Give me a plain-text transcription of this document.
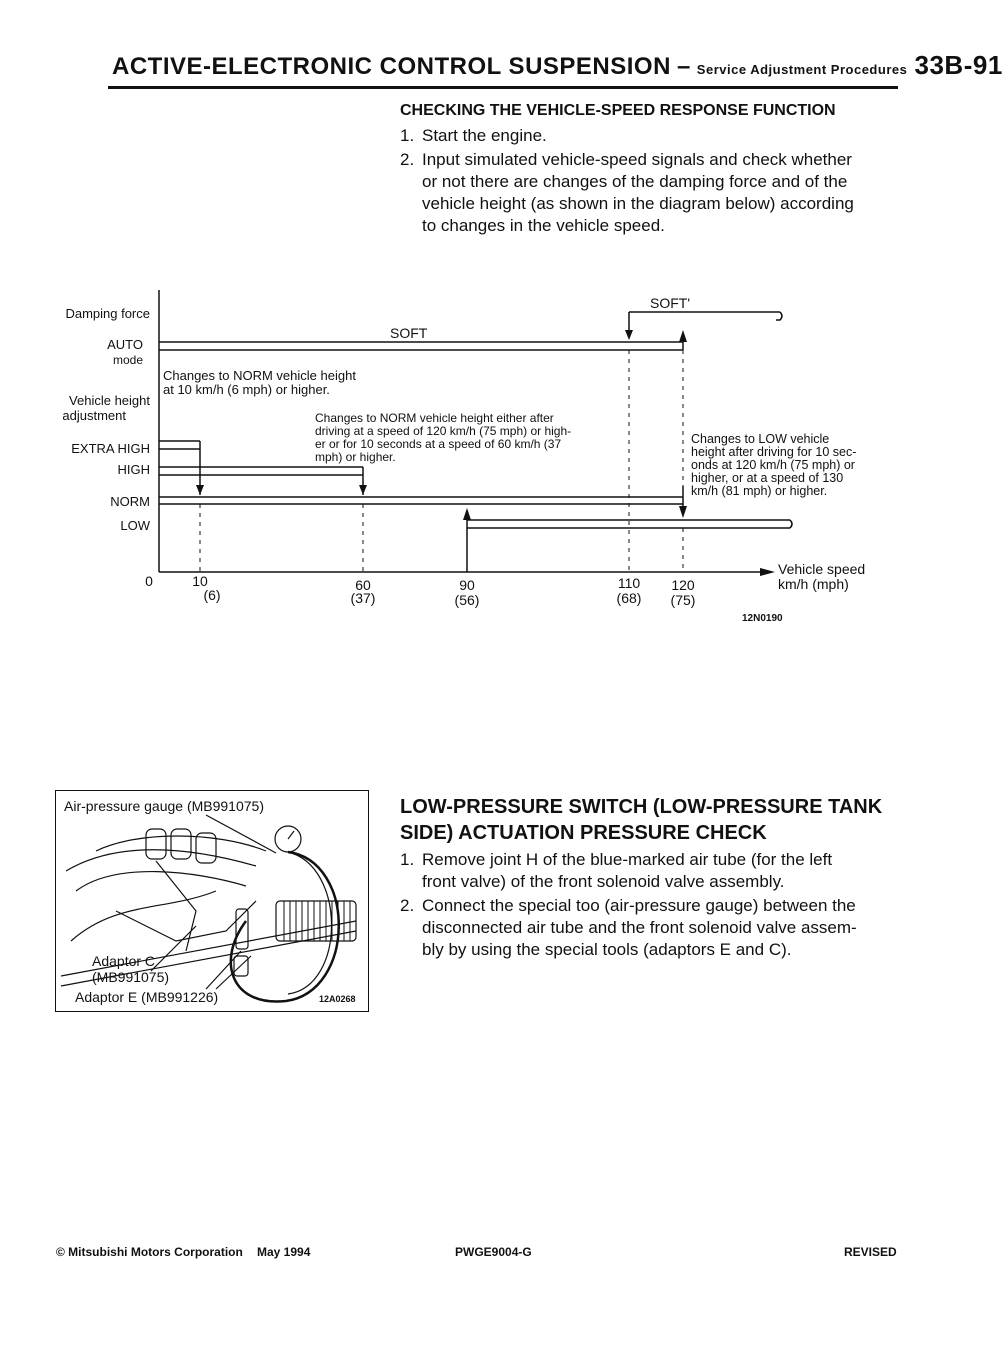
ACTIVE-ELECTRONIC CONTROL SUSPENSION – Service Adjustment Procedures 33B-91
CHECKING THE VEHICLE-SPEED RESPONSE FUNCTION
1. Start the engine.
2. Input simulated vehicle-speed signals and check whether
or not there are changes of the damping force and of the
vehicle height (as shown in the diagram below) according
to changes in the vehicle speed.
Damping force
AUTO
mode
Vehicle height
adjustment
EXTRA HIGH
HIGH
NORM
LOW
SOFT
SOFT'
Changes to NORM vehicle height
at 10 km/h (6 mph) or higher.
Changes to NORM vehicle height either after
driving at a speed of 120 km/h (75 mph) or high-
er or for 10 seconds at a speed of 60 km/h (37
mph) or higher.
Changes to LOW vehicle
height after driving for 10 sec-
onds at 120 km/h (75 mph) or
higher, or at a speed of 130
km/h (81 mph) or higher.
0	10
(6)
60
(37)
90
(56)
110
(68)
120
(75)
Vehicle speed
km/h (mph)
12N0190
Air-pressure gauge (MB991075)
Adaptor C
(MB991075)
Adaptor E (MB991226)	12A0268
LOW-PRESSURE SWITCH (LOW-PRESSURE TANK
SIDE) ACTUATION PRESSURE CHECK
1. Remove joint H of the blue-marked air tube (for the left
front valve) of the front solenoid valve assembly.
2. Connect the special too (air-pressure gauge) between the
disconnected air tube and the front solenoid valve assem-
bly by using the special tools (adaptors E and C).
© Mitsubishi Motors Corporation May 1994	PWGE9004-G	REVISED
